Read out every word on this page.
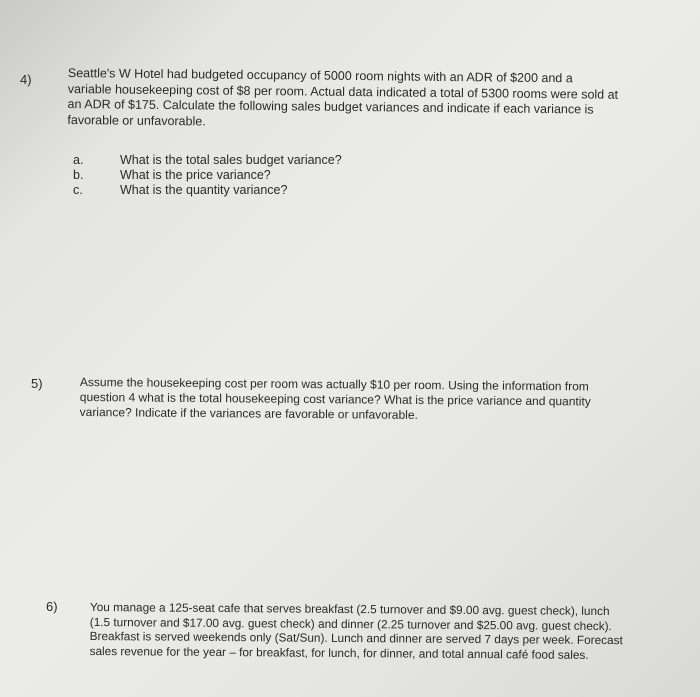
4)	Seattle's W Hotel had budgeted occupancy of 5000 room nights with an ADR of $200 and a
variable housekeeping cost of $8 per room. Actual data indicated a total of 5300 rooms were sold at
an ADR of $175. Calculate the following sales budget variances and indicate if each variance is
favorable or unfavorable.
a.	What is the total sales budget variance?
b.	What is the price variance?
c.	What is the quantity variance?
5)	Assume the housekeeping cost per room was actually $10 per room. Using the information from
question 4 what is the total housekeeping cost variance? What is the price variance and quantity
variance? Indicate if the variances are favorable or unfavorable.
6)	You manage a 125-seat cafe that serves breakfast (2.5 turnover and $9.00 avg. guest check), lunch
(1.5 turnover and $17.00 avg. guest check) and dinner (2.25 turnover and $25.00 avg. guest check).
Breakfast is served weekends only (Sat/Sun). Lunch and dinner are served 7 days per week. Forecast
sales revenue for the year – for breakfast, for lunch, for dinner, and total annual café food sales.
